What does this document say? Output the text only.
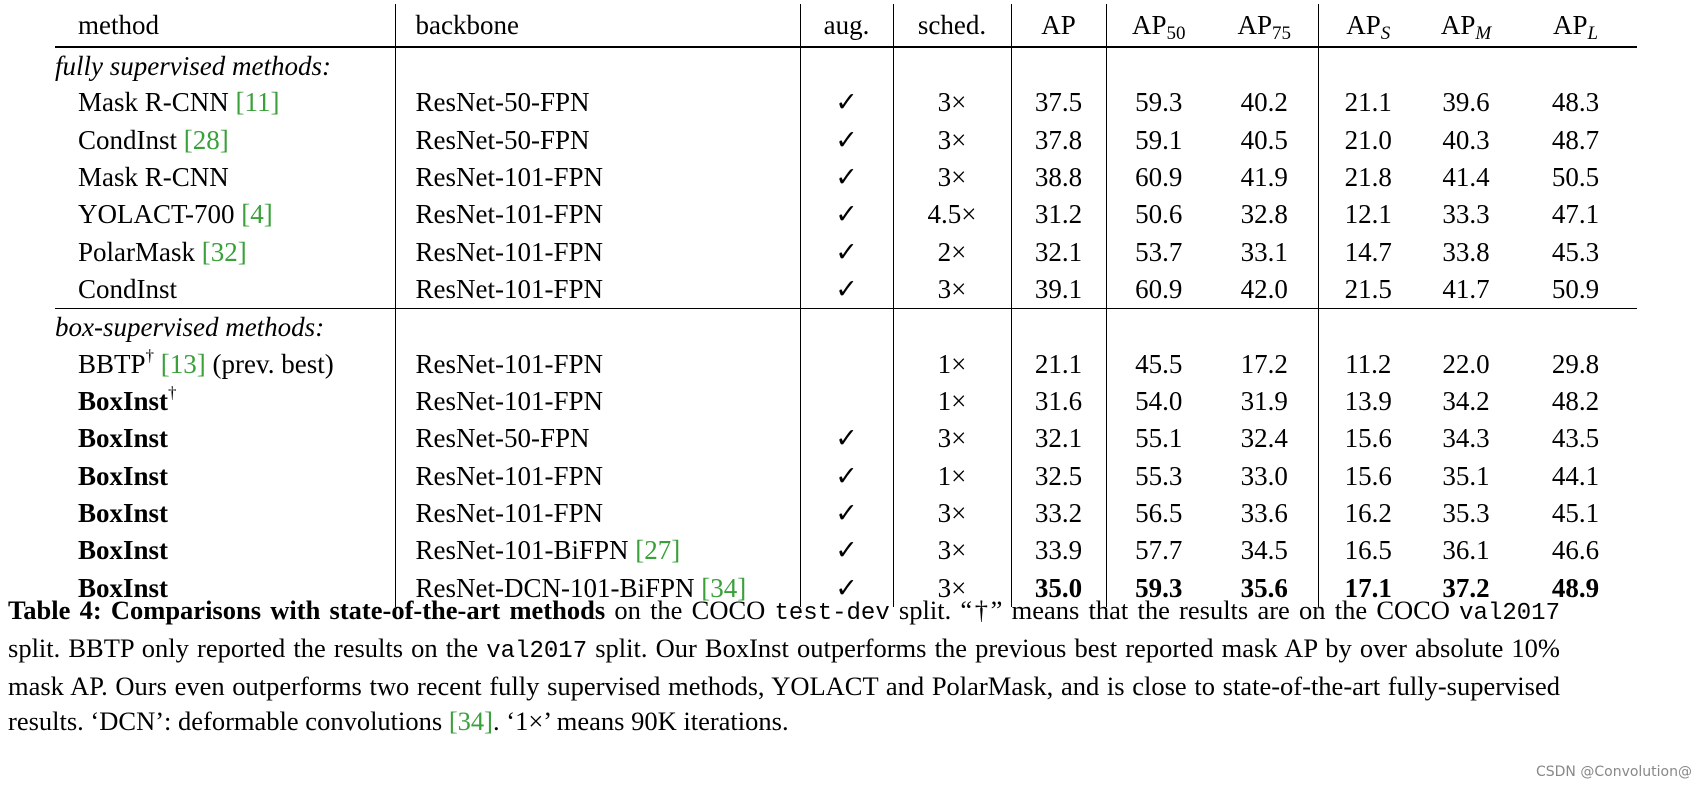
method	backbone	aug.	sched.	AP	$AP_{50}$	$AP_{75}$	$AP_S$	$AP_M$	$AP_L$
fully supervised methods:									
Mask R-CNN [11]	ResNet-50-FPN	✓	3×	37.5	59.3	40.2	21.1	39.6	48.3
CondInst [28]	ResNet-50-FPN	✓	3×	37.8	59.1	40.5	21.0	40.3	48.7
Mask R-CNN	ResNet-101-FPN	✓	3×	38.8	60.9	41.9	21.8	41.4	50.5
YOLACT-700 [4]	ResNet-101-FPN	✓	4.5×	31.2	50.6	32.8	12.1	33.3	47.1
PolarMask [32]	ResNet-101-FPN	✓	2×	32.1	53.7	33.1	14.7	33.8	45.3
CondInst	ResNet-101-FPN	✓	3×	39.1	60.9	42.0	21.5	41.7	50.9
box-supervised methods:									
BBTP† [13] (prev. best)	ResNet-101-FPN		1×	21.1	45.5	17.2	11.2	22.0	29.8
BoxInst†	ResNet-101-FPN		1×	31.6	54.0	31.9	13.9	34.2	48.2
BoxInst	ResNet-50-FPN	✓	3×	32.1	55.1	32.4	15.6	34.3	43.5
BoxInst	ResNet-101-FPN	✓	1×	32.5	55.3	33.0	15.6	35.1	44.1
BoxInst	ResNet-101-FPN	✓	3×	33.2	56.5	33.6	16.2	35.3	45.1
BoxInst	ResNet-101-BiFPN [27]	✓	3×	33.9	57.7	34.5	16.5	36.1	46.6
BoxInst	ResNet-DCN-101-BiFPN [34]	✓	3×	35.0	59.3	35.6	17.1	37.2	48.9
Table 4: Comparisons with state-of-the-art methods on the COCO test-dev split. “†” means that the results are on the COCO val2017 split. BBTP only reported the results on the val2017 split. Our BoxInst outperforms the previous best reported mask AP by over absolute 10% mask AP. Ours even outperforms two recent fully supervised methods, YOLACT and PolarMask, and is close to state-of-the-art fully-supervised results. ‘DCN’: deformable convolutions [34]. ‘1×’ means 90K iterations.
CSDN @Convolution@
